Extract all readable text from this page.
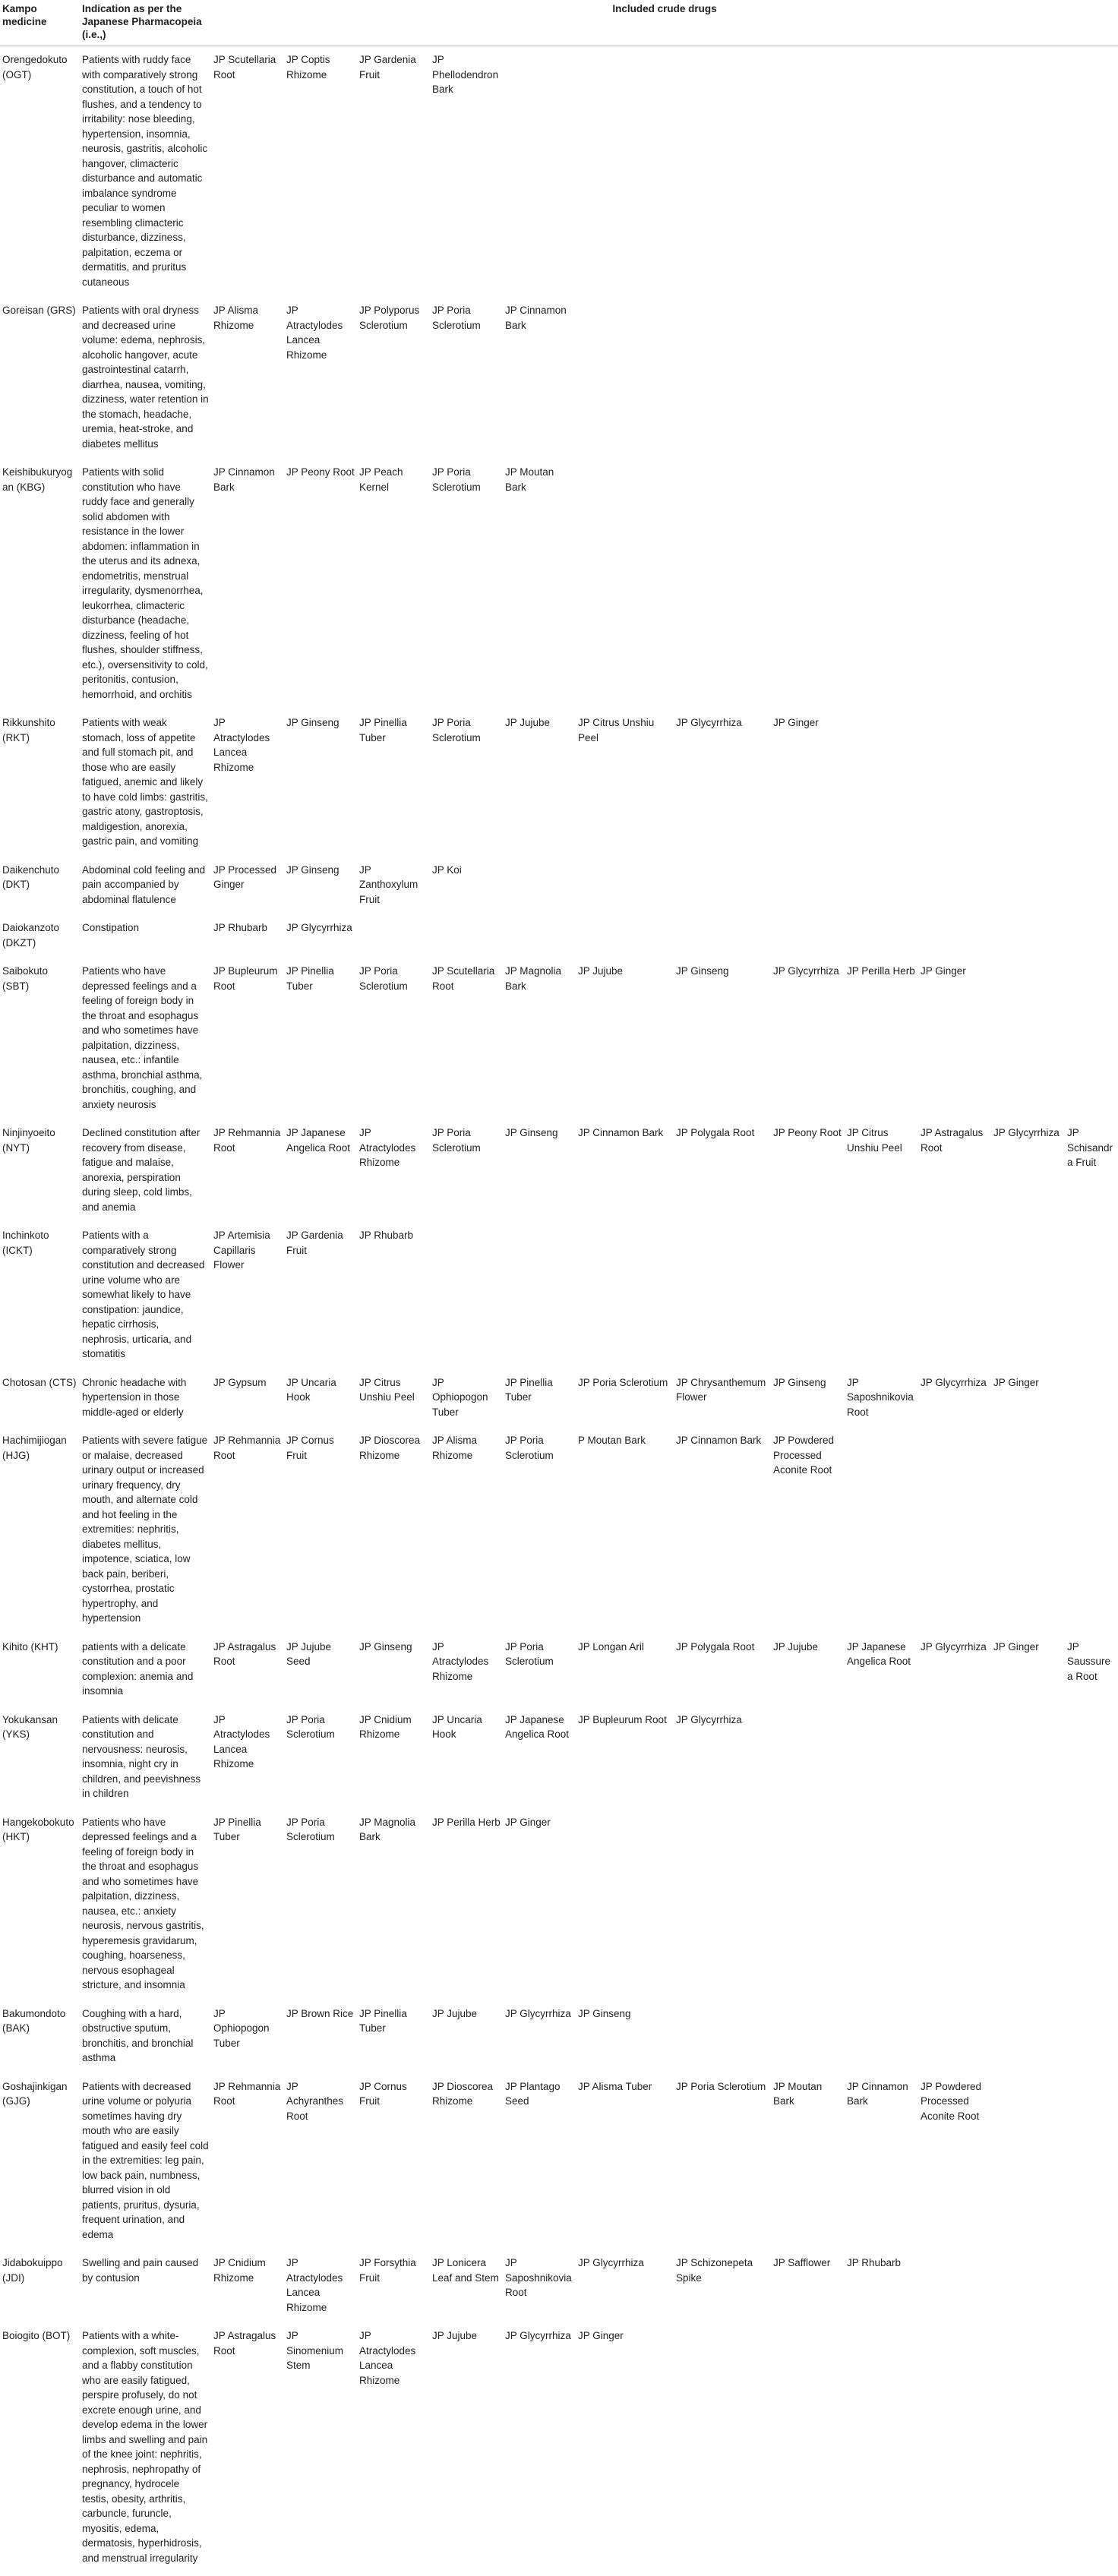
Kampo medicine	Indication as per the Japanese Pharmacopeia (i.e.,)	Included crude drugs											
Orengedokuto (OGT)	Patients with ruddy face with comparatively strong constitution, a touch of hot flushes, and a tendency to irritability: nose bleeding, hypertension, insomnia, neurosis, gastritis, alcoholic hangover, climacteric disturbance and automatic imbalance syndrome peculiar to women resembling climacteric disturbance, dizziness, palpitation, eczema or dermatitis, and pruritus cutaneous	JP Scutellaria Root	JP Coptis Rhizome	JP Gardenia Fruit	JP Phellodendron Bark								
Goreisan (GRS)	Patients with oral dryness and decreased urine volume: edema, nephrosis, alcoholic hangover, acute gastrointestinal catarrh, diarrhea, nausea, vomiting, dizziness, water retention in the stomach, headache, uremia, heat-stroke, and diabetes mellitus	JP Alisma Rhizome	JP Atractylodes Lancea Rhizome	JP Polyporus Sclerotium	JP Poria Sclerotium	JP Cinnamon Bark							
Keishibukuryogan (KBG)	Patients with solid constitution who have ruddy face and generally solid abdomen with resistance in the lower abdomen: inflammation in the uterus and its adnexa, endometritis, menstrual irregularity, dysmenorrhea, leukorrhea, climacteric disturbance (headache, dizziness, feeling of hot flushes, shoulder stiffness, etc.), oversensitivity to cold, peritonitis, contusion, hemorrhoid, and orchitis	JP Cinnamon Bark	JP Peony Root	JP Peach Kernel	JP Poria Sclerotium	JP Moutan Bark							
Rikkunshito (RKT)	Patients with weak stomach, loss of appetite and full stomach pit, and those who are easily fatigued, anemic and likely to have cold limbs: gastritis, gastric atony, gastroptosis, maldigestion, anorexia, gastric pain, and vomiting	JP Atractylodes Lancea Rhizome	JP Ginseng	JP Pinellia Tuber	JP Poria Sclerotium	JP Jujube	JP Citrus Unshiu Peel	JP Glycyrrhiza	JP Ginger				
Daikenchuto (DKT)	Abdominal cold feeling and pain accompanied by abdominal flatulence	JP Processed Ginger	JP Ginseng	JP Zanthoxylum Fruit	JP Koi								
Daiokanzoto (DKZT)	Constipation	JP Rhubarb	JP Glycyrrhiza										
Saibokuto (SBT)	Patients who have depressed feelings and a feeling of foreign body in the throat and esophagus and who sometimes have palpitation, dizziness, nausea, etc.: infantile asthma, bronchial asthma, bronchitis, coughing, and anxiety neurosis	JP Bupleurum Root	JP Pinellia Tuber	JP Poria Sclerotium	JP Scutellaria Root	JP Magnolia Bark	JP Jujube	JP Ginseng	JP Glycyrrhiza	JP Perilla Herb	JP Ginger		
Ninjinyoeito (NYT)	Declined constitution after recovery from disease, fatigue and malaise, anorexia, perspiration during sleep, cold limbs, and anemia	JP Rehmannia Root	JP Japanese Angelica Root	JP Atractylodes Rhizome	JP Poria Sclerotium	JP Ginseng	JP Cinnamon Bark	JP Polygala Root	JP Peony Root	JP Citrus Unshiu Peel	JP Astragalus Root	JP Glycyrrhiza	JP Schisandra Fruit
Inchinkoto (ICKT)	Patients with a comparatively strong constitution and decreased urine volume who are somewhat likely to have constipation: jaundice, hepatic cirrhosis, nephrosis, urticaria, and stomatitis	JP Artemisia Capillaris Flower	JP Gardenia Fruit	JP Rhubarb									
Chotosan (CTS)	Chronic headache with hypertension in those middle-aged or elderly	JP Gypsum	JP Uncaria Hook	JP Citrus Unshiu Peel	JP Ophiopogon Tuber	JP Pinellia Tuber	JP Poria Sclerotium	JP Chrysanthemum Flower	JP Ginseng	JP Saposhnikovia Root	JP Glycyrrhiza	JP Ginger	
Hachimijiogan (HJG)	Patients with severe fatigue or malaise, decreased urinary output or increased urinary frequency, dry mouth, and alternate cold and hot feeling in the extremities: nephritis, diabetes mellitus, impotence, sciatica, low back pain, beriberi, cystorrhea, prostatic hypertrophy, and hypertension	JP Rehmannia Root	JP Cornus Fruit	JP Dioscorea Rhizome	JP Alisma Rhizome	JP Poria Sclerotium	P Moutan Bark	JP Cinnamon Bark	JP Powdered Processed Aconite Root				
Kihito (KHT)	patients with a delicate constitution and a poor complexion: anemia and insomnia	JP Astragalus Root	JP Jujube Seed	JP Ginseng	JP Atractylodes Rhizome	JP Poria Sclerotium	JP Longan Aril	JP Polygala Root	JP Jujube	JP Japanese Angelica Root	JP Glycyrrhiza	JP Ginger	JP Saussurea Root
Yokukansan (YKS)	Patients with delicate constitution and nervousness: neurosis, insomnia, night cry in children, and peevishness in children	JP Atractylodes Lancea Rhizome	JP Poria Sclerotium	JP Cnidium Rhizome	JP Uncaria Hook	JP Japanese Angelica Root	JP Bupleurum Root	JP Glycyrrhiza					
Hangekobokuto (HKT)	Patients who have depressed feelings and a feeling of foreign body in the throat and esophagus and who sometimes have palpitation, dizziness, nausea, etc.: anxiety neurosis, nervous gastritis, hyperemesis gravidarum, coughing, hoarseness, nervous esophageal stricture, and insomnia	JP Pinellia Tuber	JP Poria Sclerotium	JP Magnolia Bark	JP Perilla Herb	JP Ginger							
Bakumondoto (BAK)	Coughing with a hard, obstructive sputum, bronchitis, and bronchial asthma	JP Ophiopogon Tuber	JP Brown Rice	JP Pinellia Tuber	JP Jujube	JP Glycyrrhiza	JP Ginseng						
Goshajinkigan (GJG)	Patients with decreased urine volume or polyuria sometimes having dry mouth who are easily fatigued and easily feel cold in the extremities: leg pain, low back pain, numbness, blurred vision in old patients, pruritus, dysuria, frequent urination, and edema	JP Rehmannia Root	JP Achyranthes Root	JP Cornus Fruit	JP Dioscorea Rhizome	JP Plantago Seed	JP Alisma Tuber	JP Poria Sclerotium	JP Moutan Bark	JP Cinnamon Bark	JP Powdered Processed Aconite Root		
Jidabokuippo (JDI)	Swelling and pain caused by contusion	JP Cnidium Rhizome	JP Atractylodes Lancea Rhizome	JP Forsythia Fruit	JP Lonicera Leaf and Stem	JP Saposhnikovia Root	JP Glycyrrhiza	JP Schizonepeta Spike	JP Safflower	JP Rhubarb			
Boiogito (BOT)	Patients with a white-complexion, soft muscles, and a flabby constitution who are easily fatigued, perspire profusely, do not excrete enough urine, and develop edema in the lower limbs and swelling and pain of the knee joint: nephritis, nephrosis, nephropathy of pregnancy, hydrocele testis, obesity, arthritis, carbuncle, furuncle, myositis, edema, dermatosis, hyperhidrosis, and menstrual irregularity	JP Astragalus Root	JP Sinomenium Stem	JP Atractylodes Lancea Rhizome	JP Jujube	JP Glycyrrhiza	JP Ginger						
